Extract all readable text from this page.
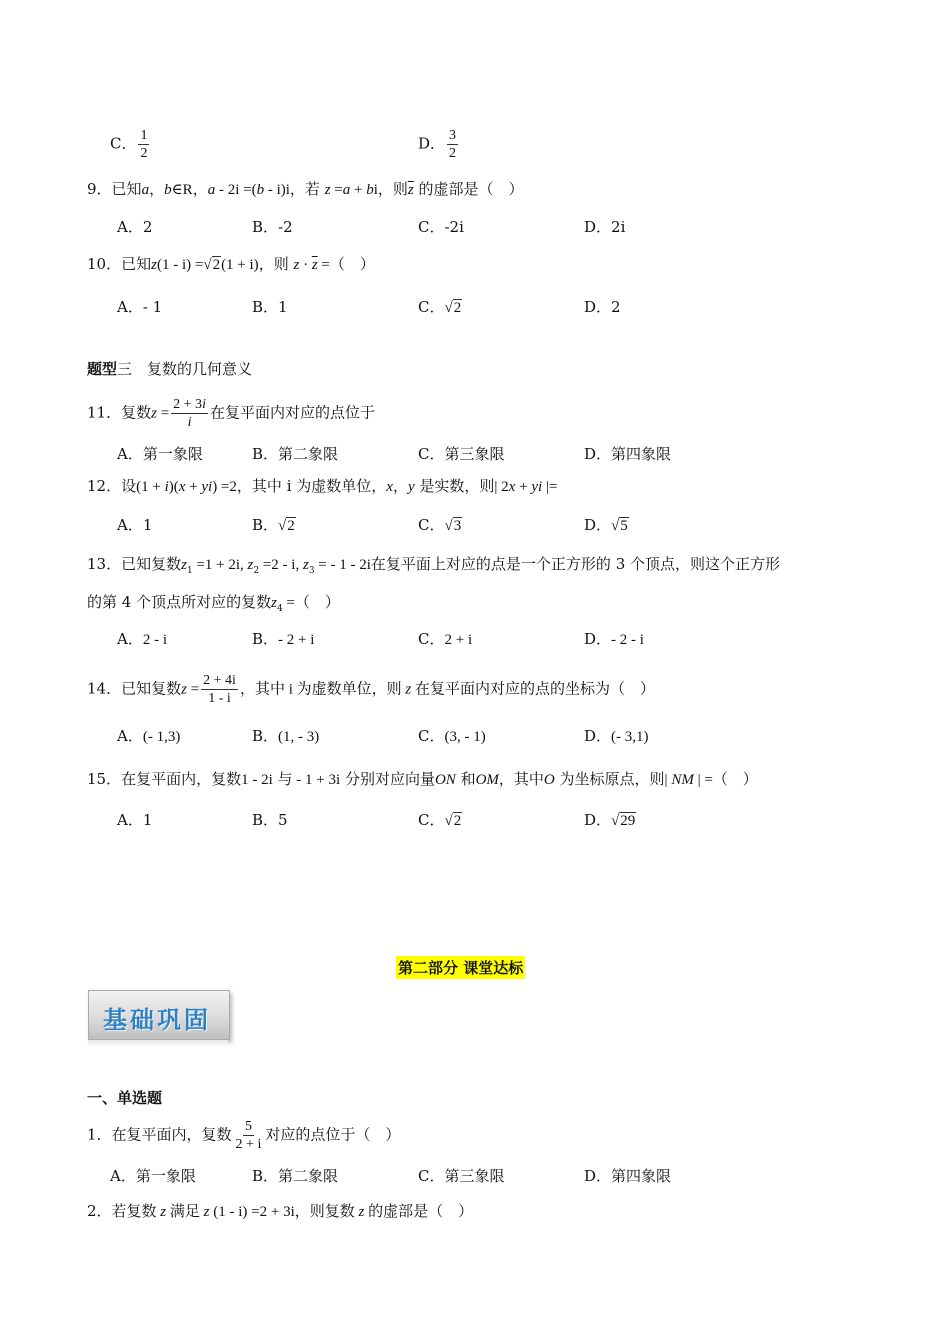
C． $\frac{1}{2}$	D． $\frac{3}{2}$
9．已知a，b∈R，a - 2i =(b - i)i，若 z =a + bi，则$\overline{z}$ 的虚部是（　）
A．2	B．-2	C．-2i	D．2i
10．已知z(1 - i) =√2(1 + i)，则 $z \cdot \overline{z}$ =（　）
A．- 1	B．1	C．√2	D．2
题型三　复数的几何意义
11．复数$z = \frac{2 + 3i}{i}$ 在复平面内对应的点位于
A．第一象限	B．第二象限	C．第三象限	D．第四象限
12．设(1 + i)(x + yi) =2，其中 i 为虚数单位，x，y 是实数，则| 2x + yi |=
A．1	B．√2	C．√3	D．√5
13．已知复数$z_1 =1 + 2i$, $z_2 =2 - i$, $z_3$ = - 1 - 2i在复平面上对应的点是一个正方形的 3 个顶点，则这个正方形
的第 4 个顶点所对应的复数$z_4$ =（　）
A．2 - i	B．- 2 + i	C．2 + i	D．- 2 - i
14．已知复数$z = \frac{2 + 4i}{1 - i}$ ，其中 i 为虚数单位，则 z 在复平面内对应的点的坐标为（　）
A．(- 1,3)	B．(1, - 3)	C．(3, - 1)	D．(- 3,1)
15．在复平面内，复数1 - 2i 与 - 1 + 3i 分别对应向量ON 和OM，其中O 为坐标原点，则| NM | =（　）
A．1	B．5	C．√2	D．√29
第二部分 课堂达标
基础巩固
一、单选题
1．在复平面内，复数 $\frac{5}{2 + i}$ 对应的点位于（　）
A．第一象限	B．第二象限	C．第三象限	D．第四象限
2．若复数 z 满足 z (1 - i) =2 + 3i，则复数 z 的虚部是（　）
